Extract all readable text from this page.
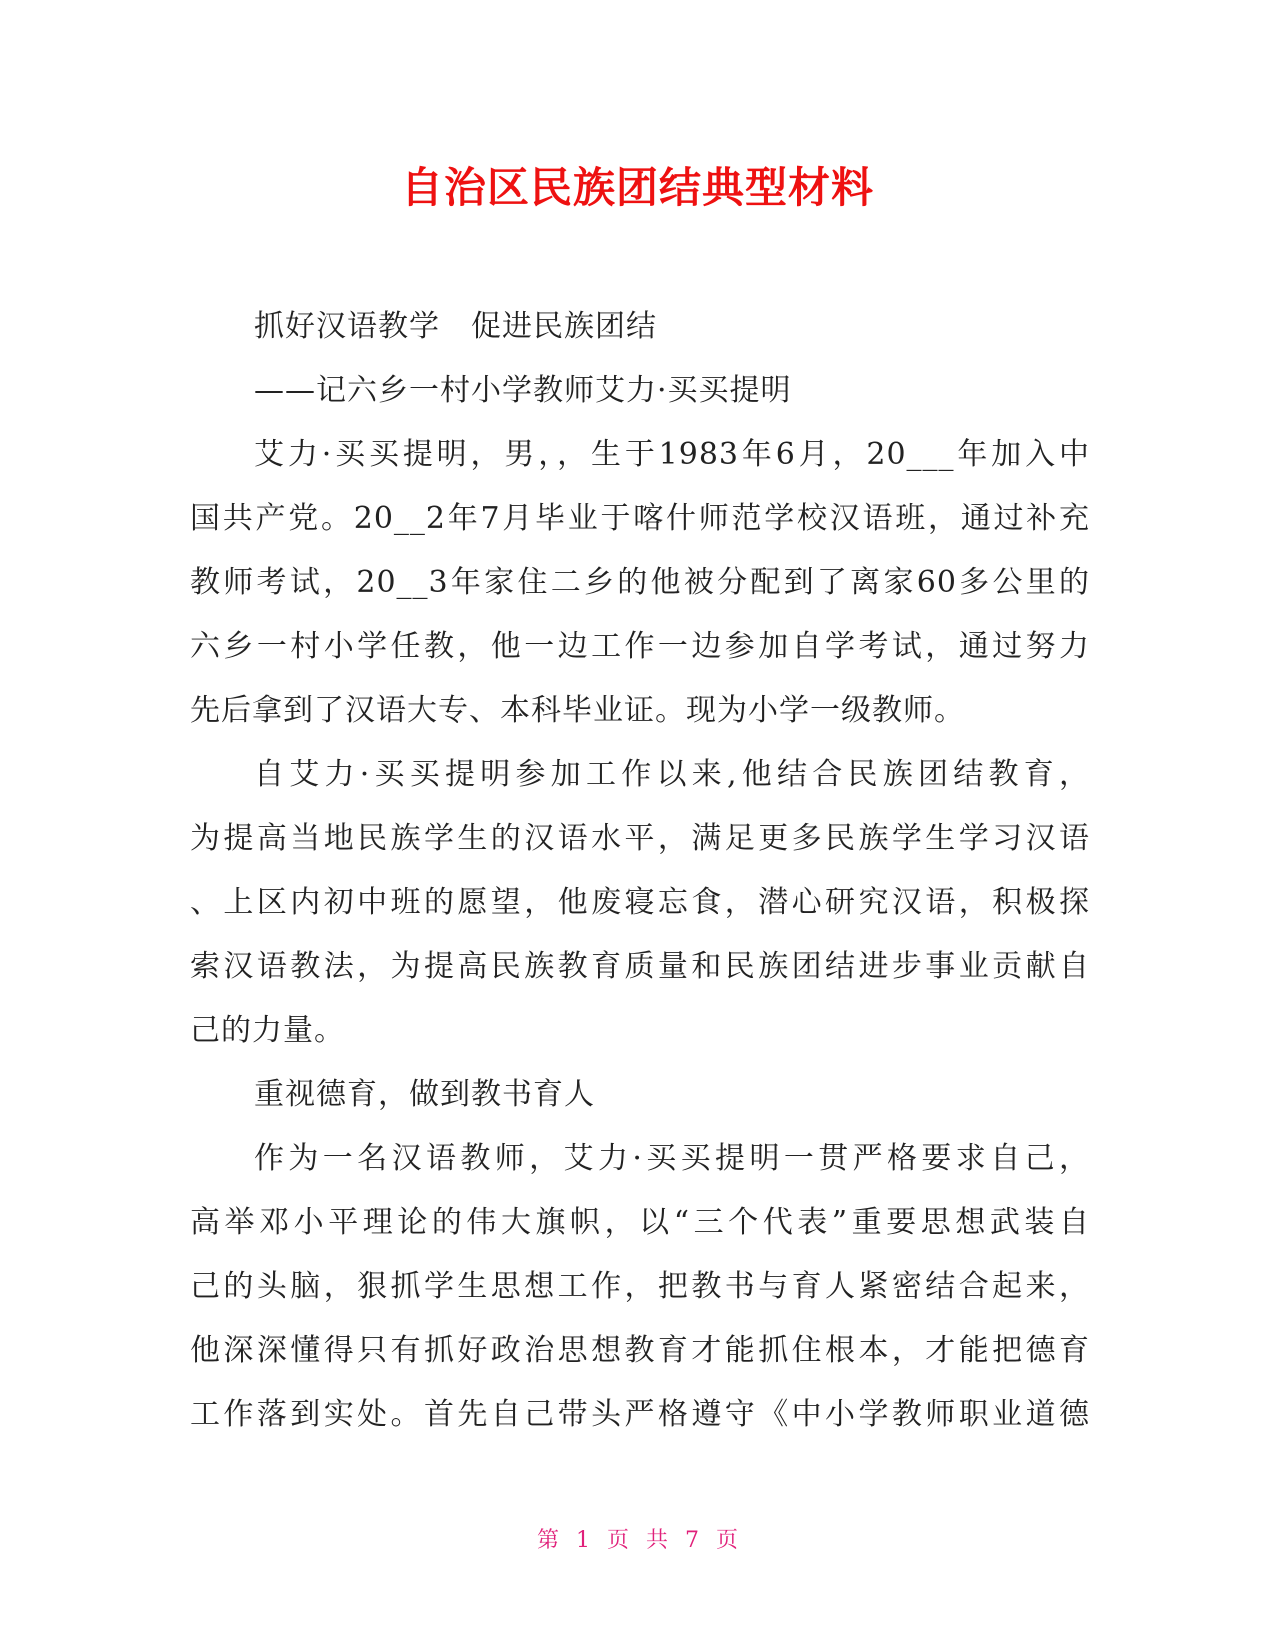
自治区民族团结典型材料
抓好汉语教学　促进民族团结
——记六乡一村小学教师艾力·买买提明
艾力·买买提明，男，，生于1983年6月，20___年加入中
国共产党。20__2年7月毕业于喀什师范学校汉语班，通过补充
教师考试，20__3年家住二乡的他被分配到了离家60多公里的
六乡一村小学任教，他一边工作一边参加自学考试，通过努力
先后拿到了汉语大专、本科毕业证。现为小学一级教师。
自艾力·买买提明参加工作以来,他结合民族团结教育，
为提高当地民族学生的汉语水平，满足更多民族学生学习汉语
、上区内初中班的愿望，他废寝忘食，潜心研究汉语，积极探
索汉语教法，为提高民族教育质量和民族团结进步事业贡献自
己的力量。
重视德育，做到教书育人
作为一名汉语教师，艾力·买买提明一贯严格要求自己，
高举邓小平理论的伟大旗帜，以“三个代表”重要思想武装自
己的头脑，狠抓学生思想工作，把教书与育人紧密结合起来，
他深深懂得只有抓好政治思想教育才能抓住根本，才能把德育
工作落到实处。首先自己带头严格遵守《中小学教师职业道德
第 1 页 共 7 页
